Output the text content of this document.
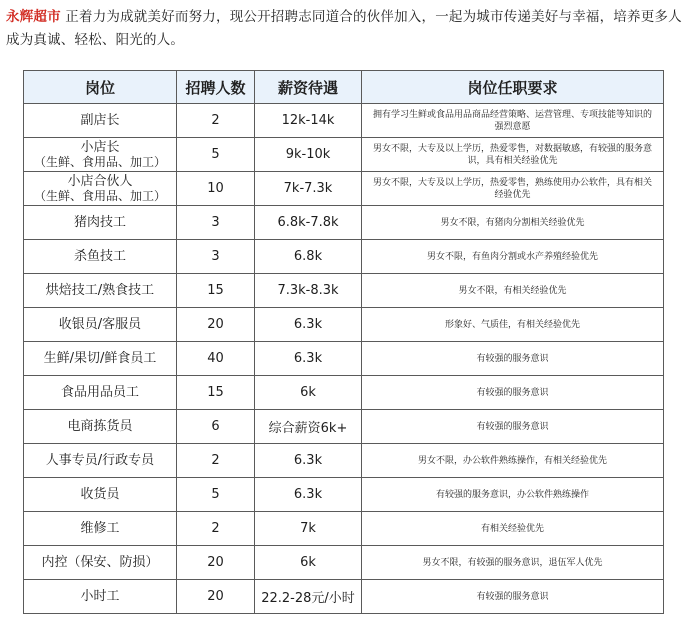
永辉超市 正着力为成就美好而努力，现公开招聘志同道合的伙伴加入，一起为城市传递美好与幸福，培养更多人成为真诚、轻松、阳光的人。
岗位	招聘人数	薪资待遇	岗位任职要求

副店长	2	12k-14k	拥有学习生鲜或食品用品商品经营策略、运营管理、专项技能等知识的强烈意愿

小店长
（生鲜、食用品、加工）	5	9k-10k	男女不限，大专及以上学历，热爱零售，对数据敏感，有较强的服务意识，具有相关经验优先

小店合伙人
（生鲜、食用品、加工）	10	7k-7.3k	男女不限，大专及以上学历，热爱零售，熟练使用办公软件，具有相关经验优先

猪肉技工	3	6.8k-7.8k	男女不限，有猪肉分割相关经验优先

杀鱼技工	3	6.8k	男女不限，有鱼肉分割或水产养殖经验优先

烘焙技工/熟食技工	15	7.3k-8.3k	男女不限，有相关经验优先

收银员/客服员	20	6.3k	形象好、气质佳，有相关经验优先

生鲜/果切/鲜食员工	40	6.3k	有较强的服务意识

食品用品员工	15	6k	有较强的服务意识

电商拣货员	6	综合薪资6k+	有较强的服务意识

人事专员/行政专员	2	6.3k	男女不限，办公软件熟练操作，有相关经验优先

收货员	5	6.3k	有较强的服务意识，办公软件熟练操作

维修工	2	7k	有相关经验优先

内控（保安、防损）	20	6k	男女不限，有较强的服务意识，退伍军人优先

小时工	20	22.2-28元/小时	有较强的服务意识
